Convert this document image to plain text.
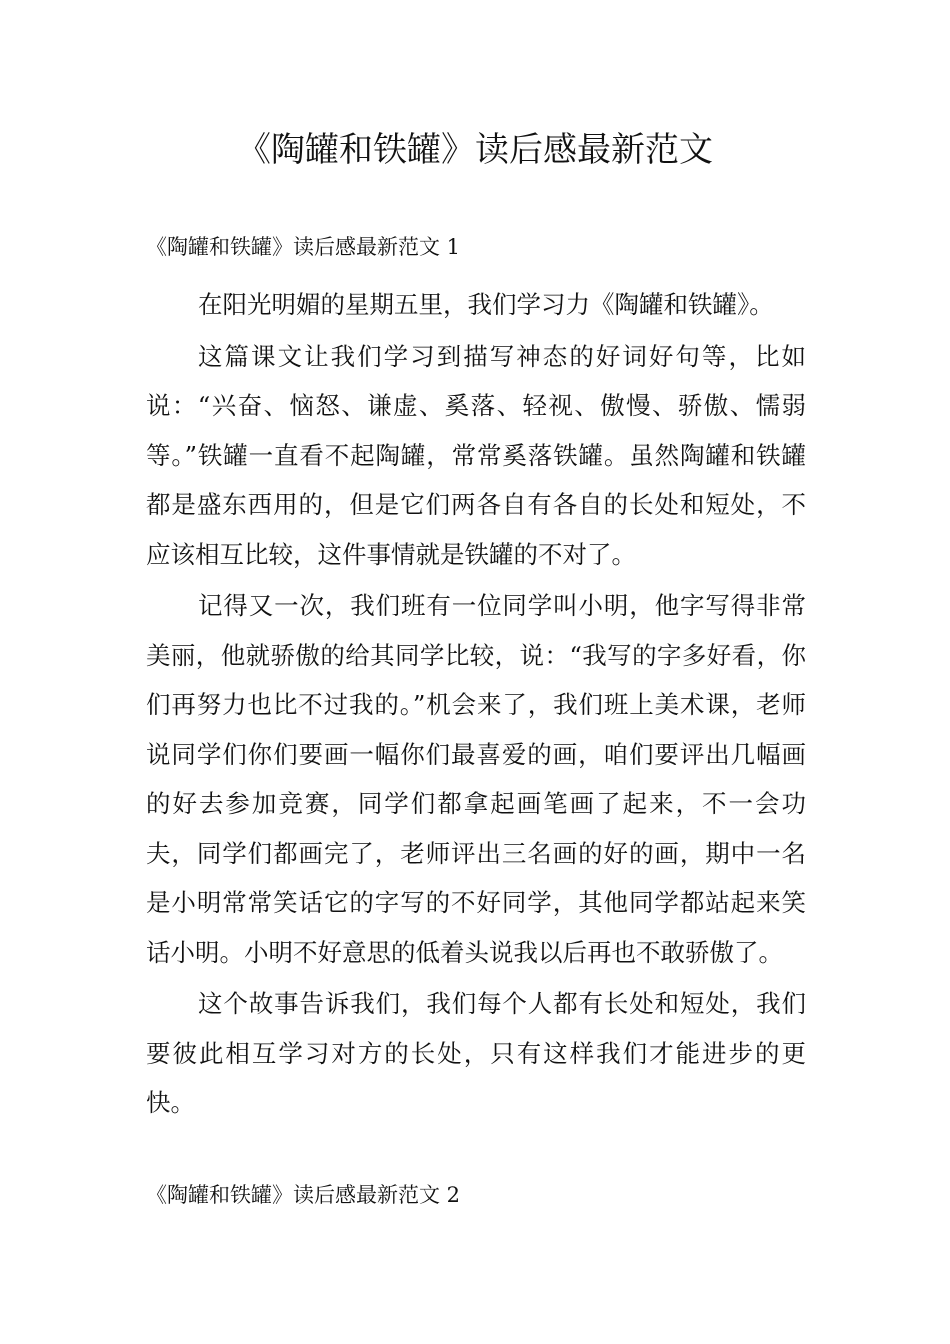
《陶罐和铁罐》读后感最新范文

《陶罐和铁罐》读后感最新范文 1

在阳光明媚的星期五里，我们学习力《陶罐和铁罐》。

这篇课文让我们学习到描写神态的好词好句等，比如说：“兴奋、恼怒、谦虚、奚落、轻视、傲慢、骄傲、懦弱等。”铁罐一直看不起陶罐，常常奚落铁罐。虽然陶罐和铁罐都是盛东西用的，但是它们两各自有各自的长处和短处，不应该相互比较，这件事情就是铁罐的不对了。

记得又一次，我们班有一位同学叫小明，他字写得非常美丽，他就骄傲的给其同学比较，说：“我写的字多好看，你们再努力也比不过我的。”机会来了，我们班上美术课，老师说同学们你们要画一幅你们最喜爱的画，咱们要评出几幅画的好去参加竞赛，同学们都拿起画笔画了起来，不一会功夫，同学们都画完了，老师评出三名画的好的画，期中一名是小明常常笑话它的字写的不好同学，其他同学都站起来笑话小明。小明不好意思的低着头说我以后再也不敢骄傲了。

这个故事告诉我们，我们每个人都有长处和短处，我们要彼此相互学习对方的长处，只有这样我们才能进步的更快。

《陶罐和铁罐》读后感最新范文 2
